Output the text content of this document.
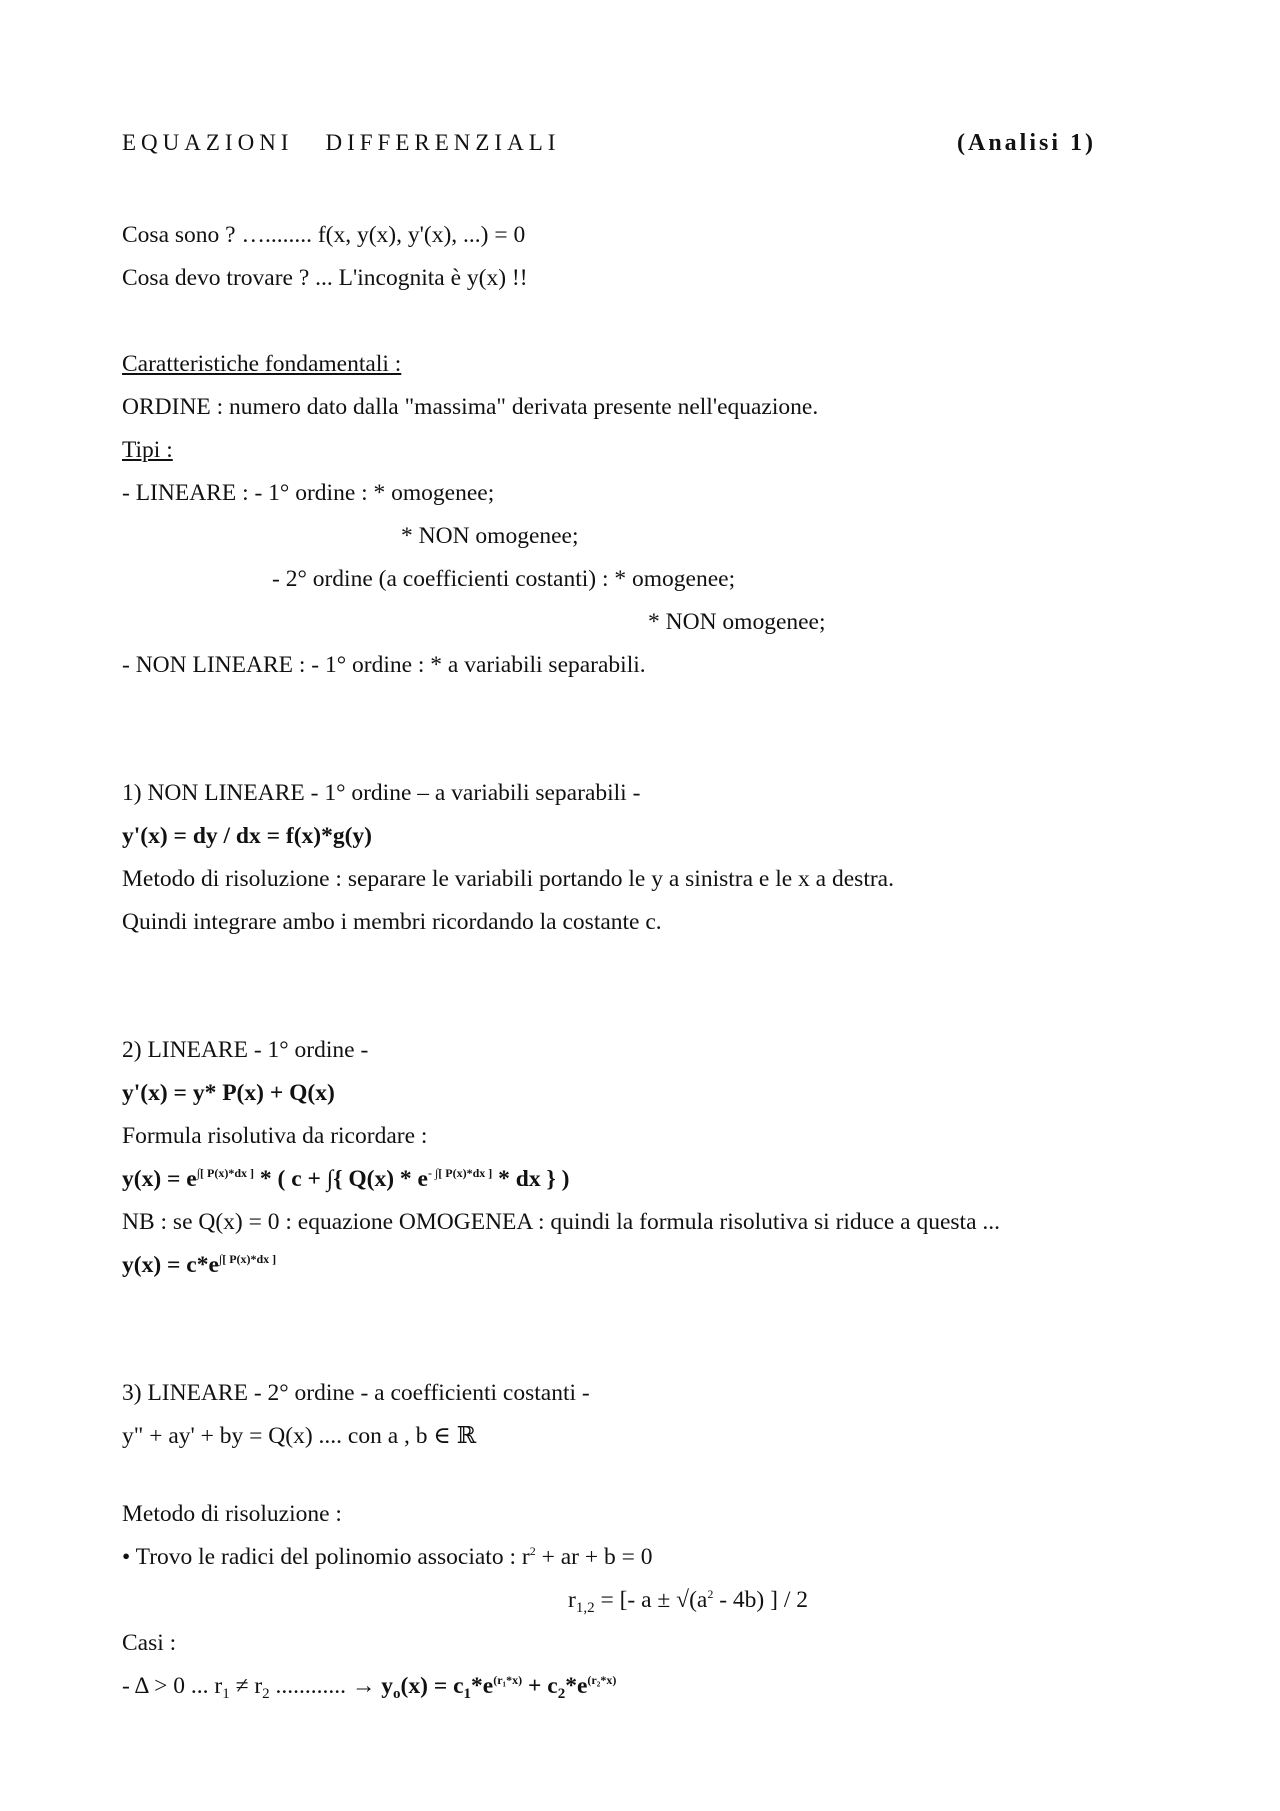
EQUAZIONI DIFFERENZIALI	(Analisi 1)
Cosa sono ? …........ f(x, y(x), y'(x), ...) = 0
Cosa devo trovare ? ... L'incognita è y(x) !!
Caratteristiche fondamentali :
ORDINE : numero dato dalla "massima" derivata presente nell'equazione.
Tipi :
- LINEARE : - 1° ordine : * omogenee;
* NON omogenee;
- 2° ordine (a coefficienti costanti) : * omogenee;
* NON omogenee;
- NON LINEARE : - 1° ordine : * a variabili separabili.
1) NON LINEARE - 1° ordine – a variabili separabili -
y'(x) = dy / dx = f(x)*g(y)
Metodo di risoluzione : separare le variabili portando le y a sinistra e le x a destra.
Quindi integrare ambo i membri ricordando la costante c.
2) LINEARE - 1° ordine -
y'(x) = y* P(x) + Q(x)
Formula risolutiva da ricordare :
$y(x) = e^{\int[ P(x)*dx ]}$ * ( c + ∫{ $Q(x) * e^{- \int[ P(x)*dx ]}$ * dx } )
NB : se Q(x) = 0 : equazione OMOGENEA : quindi la formula risolutiva si riduce a questa ...
$y(x) = c*e^{\int[ P(x)*dx ]}$
3) LINEARE - 2° ordine - a coefficienti costanti -
y" + ay' + by = Q(x) .... con a , b ∈ ℝ
Metodo di risoluzione :
• Trovo le radici del polinomio associato : $r^2$ + ar + b = 0
$r_{1,2}$ = [- $a \pm √(a^2 - 4b)$ ] / 2
Casi :
- Δ > 0 ... $r_1 \ne r_2$ ............ → $y_o(x) = c_1*e^{(r_1*x)} + c_2*e^{(r_2*x)}$
